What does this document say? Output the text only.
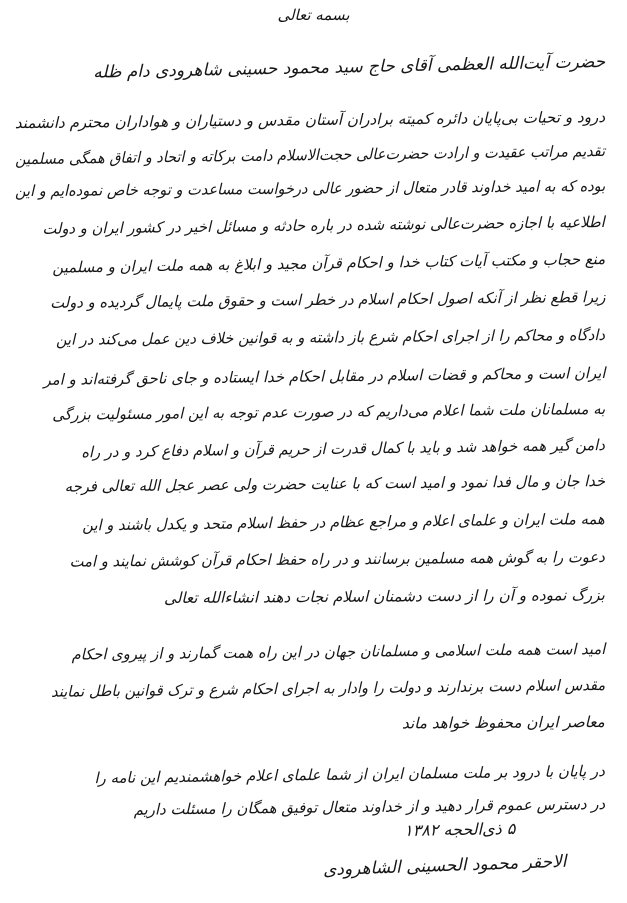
بسمه تعالی
حضرت آیت‌الله العظمی آقای حاج سید محمود حسینی شاهرودی دام ظله
درود و تحیات بی‌پایان دائره کمیته برادران آستان مقدس و دستیاران و هواداران محترم دانشمند
تقدیم مراتب عقیدت و ارادت حضرت‌عالی حجت‌الاسلام دامت برکاته و اتحاد و اتفاق همگی مسلمین
بوده که به امید خداوند قادر متعال از حضور عالی درخواست مساعدت و توجه خاص نموده‌ایم و این
اطلاعیه با اجازه حضرت‌عالی نوشته شده در باره حادثه و مسائل اخیر در کشور ایران و دولت
منع حجاب و مکتب آیات کتاب خدا و احکام قرآن مجید و ابلاغ به همه ملت ایران و مسلمین
زیرا قطع نظر از آنکه اصول احکام اسلام در خطر است و حقوق ملت پایمال گردیده و دولت
دادگاه و محاکم را از اجرای احکام شرع باز داشته و به قوانین خلاف دین عمل می‌کند در این
ایران است و محاکم و قضات اسلام در مقابل احکام خدا ایستاده و جای ناحق گرفته‌اند و امر
به مسلمانان ملت شما اعلام می‌داریم که در صورت عدم توجه به این امور مسئولیت بزرگی
دامن گیر همه خواهد شد و باید با کمال قدرت از حریم قرآن و اسلام دفاع کرد و در راه
خدا جان و مال فدا نمود و امید است که با عنایت حضرت ولی عصر عجل الله تعالی فرجه
همه ملت ایران و علمای اعلام و مراجع عظام در حفظ اسلام متحد و یکدل باشند و این
دعوت را به گوش همه مسلمین برسانند و در راه حفظ احکام قرآن کوشش نمایند و امت
بزرگ نموده و آن را از دست دشمنان اسلام نجات دهند انشاءالله تعالی
امید است همه ملت اسلامی و مسلمانان جهان در این راه همت گمارند و از پیروی احکام
مقدس اسلام دست برندارند و دولت را وادار به اجرای احکام شرع و ترک قوانین باطل نمایند
معاصر ایران محفوظ خواهد ماند
در پایان با درود بر ملت مسلمان ایران از شما علمای اعلام خواهشمندیم این نامه را
در دسترس عموم قرار دهید و از خداوند متعال توفیق همگان را مسئلت داریم
۵ ذی‌الحجه ۱۳۸۲
الاحقر محمود الحسینی الشاهرودی
